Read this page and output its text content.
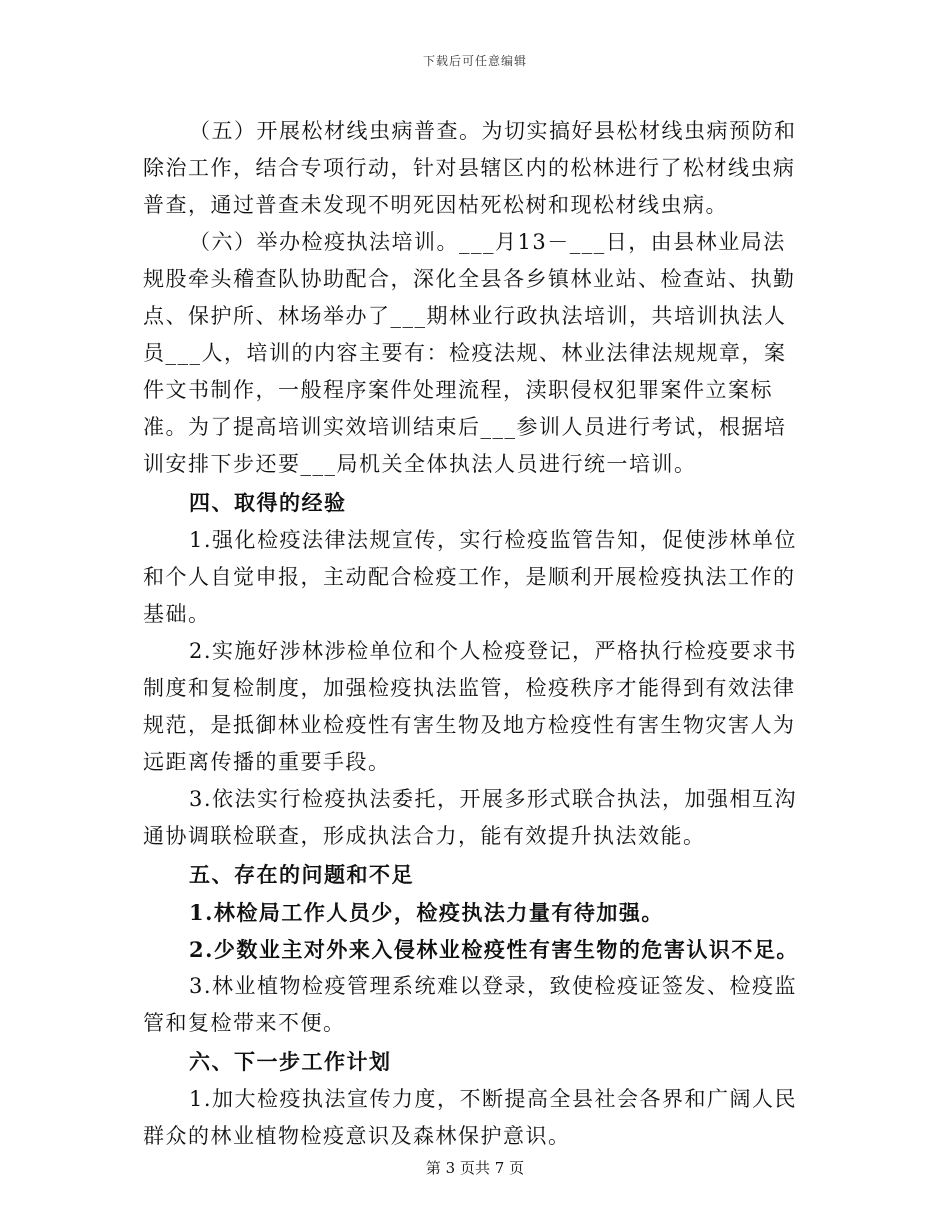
下载后可任意编辑

（五）开展松材线虫病普查。为切实搞好县松材线虫病预防和除治工作，结合专项行动，针对县辖区内的松林进行了松材线虫病普查，通过普查未发现不明死因枯死松树和现松材线虫病。

（六）举办检疫执法培训。___月13－___日，由县林业局法规股牵头稽查队协助配合，深化全县各乡镇林业站、检查站、执勤点、保护所、林场举办了___期林业行政执法培训，共培训执法人员___人，培训的内容主要有：检疫法规、林业法律法规规章，案件文书制作，一般程序案件处理流程，渎职侵权犯罪案件立案标准。为了提高培训实效培训结束后___参训人员进行考试，根据培训安排下步还要___局机关全体执法人员进行统一培训。

四、取得的经验

1.强化检疫法律法规宣传，实行检疫监管告知，促使涉林单位和个人自觉申报，主动配合检疫工作，是顺利开展检疫执法工作的基础。

2.实施好涉林涉检单位和个人检疫登记，严格执行检疫要求书制度和复检制度，加强检疫执法监管，检疫秩序才能得到有效法律规范，是抵御林业检疫性有害生物及地方检疫性有害生物灾害人为远距离传播的重要手段。

3.依法实行检疫执法委托，开展多形式联合执法，加强相互沟通协调联检联查，形成执法合力，能有效提升执法效能。

五、存在的问题和不足

1.林检局工作人员少，检疫执法力量有待加强。

2.少数业主对外来入侵林业检疫性有害生物的危害认识不足。

3.林业植物检疫管理系统难以登录，致使检疫证签发、检疫监管和复检带来不便。

六、下一步工作计划

1.加大检疫执法宣传力度，不断提高全县社会各界和广阔人民群众的林业植物检疫意识及森林保护意识。

第 3 页共 7 页
